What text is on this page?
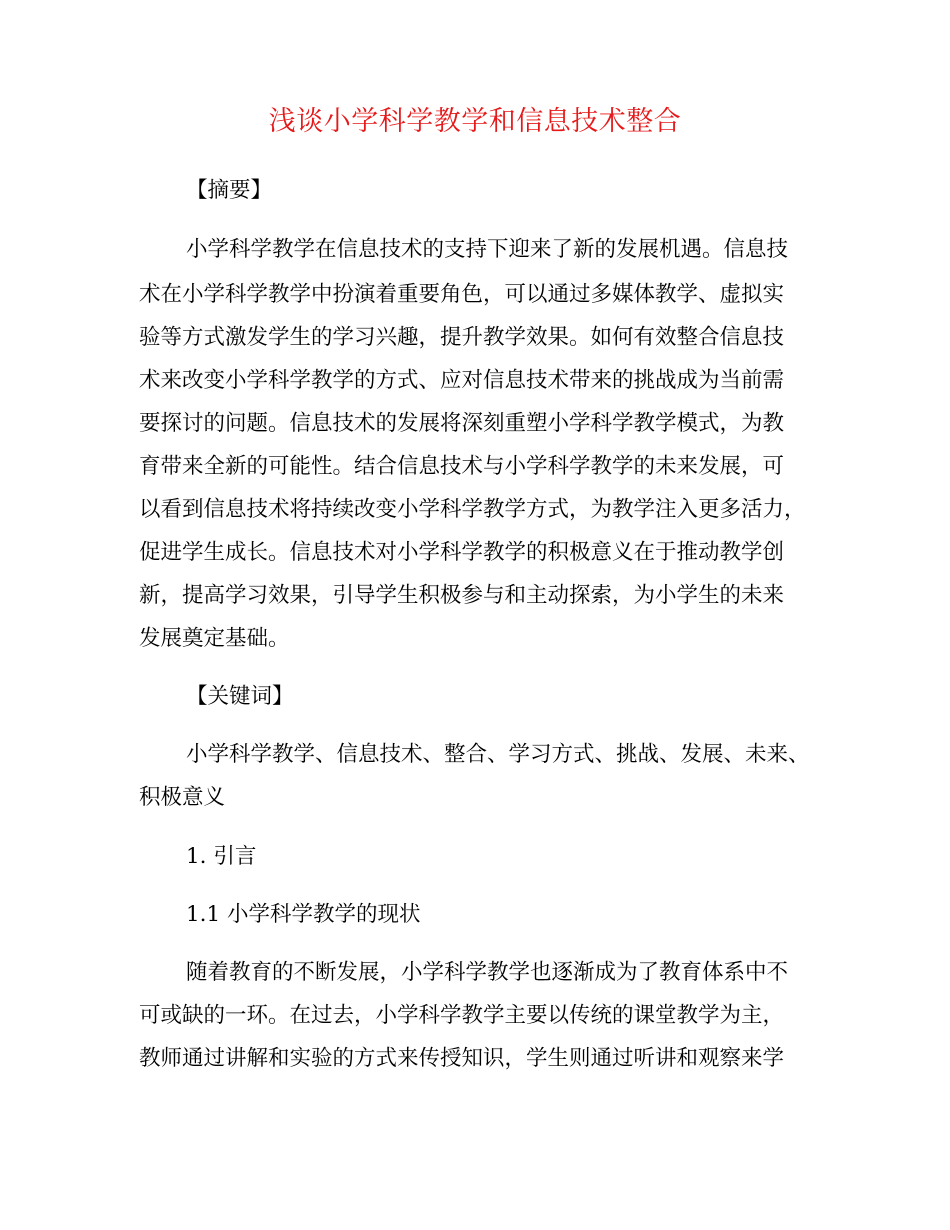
浅谈小学科学教学和信息技术整合
【摘要】
小学科学教学在信息技术的支持下迎来了新的发展机遇。信息技
术在小学科学教学中扮演着重要角色，可以通过多媒体教学、虚拟实
验等方式激发学生的学习兴趣，提升教学效果。如何有效整合信息技
术来改变小学科学教学的方式、应对信息技术带来的挑战成为当前需
要探讨的问题。信息技术的发展将深刻重塑小学科学教学模式，为教
育带来全新的可能性。结合信息技术与小学科学教学的未来发展，可
以看到信息技术将持续改变小学科学教学方式，为教学注入更多活力，
促进学生成长。信息技术对小学科学教学的积极意义在于推动教学创
新，提高学习效果，引导学生积极参与和主动探索，为小学生的未来
发展奠定基础。
【关键词】
小学科学教学、信息技术、整合、学习方式、挑战、发展、未来、
积极意义
1. 引言
1.1 小学科学教学的现状
随着教育的不断发展，小学科学教学也逐渐成为了教育体系中不
可或缺的一环。在过去，小学科学教学主要以传统的课堂教学为主，
教师通过讲解和实验的方式来传授知识，学生则通过听讲和观察来学
